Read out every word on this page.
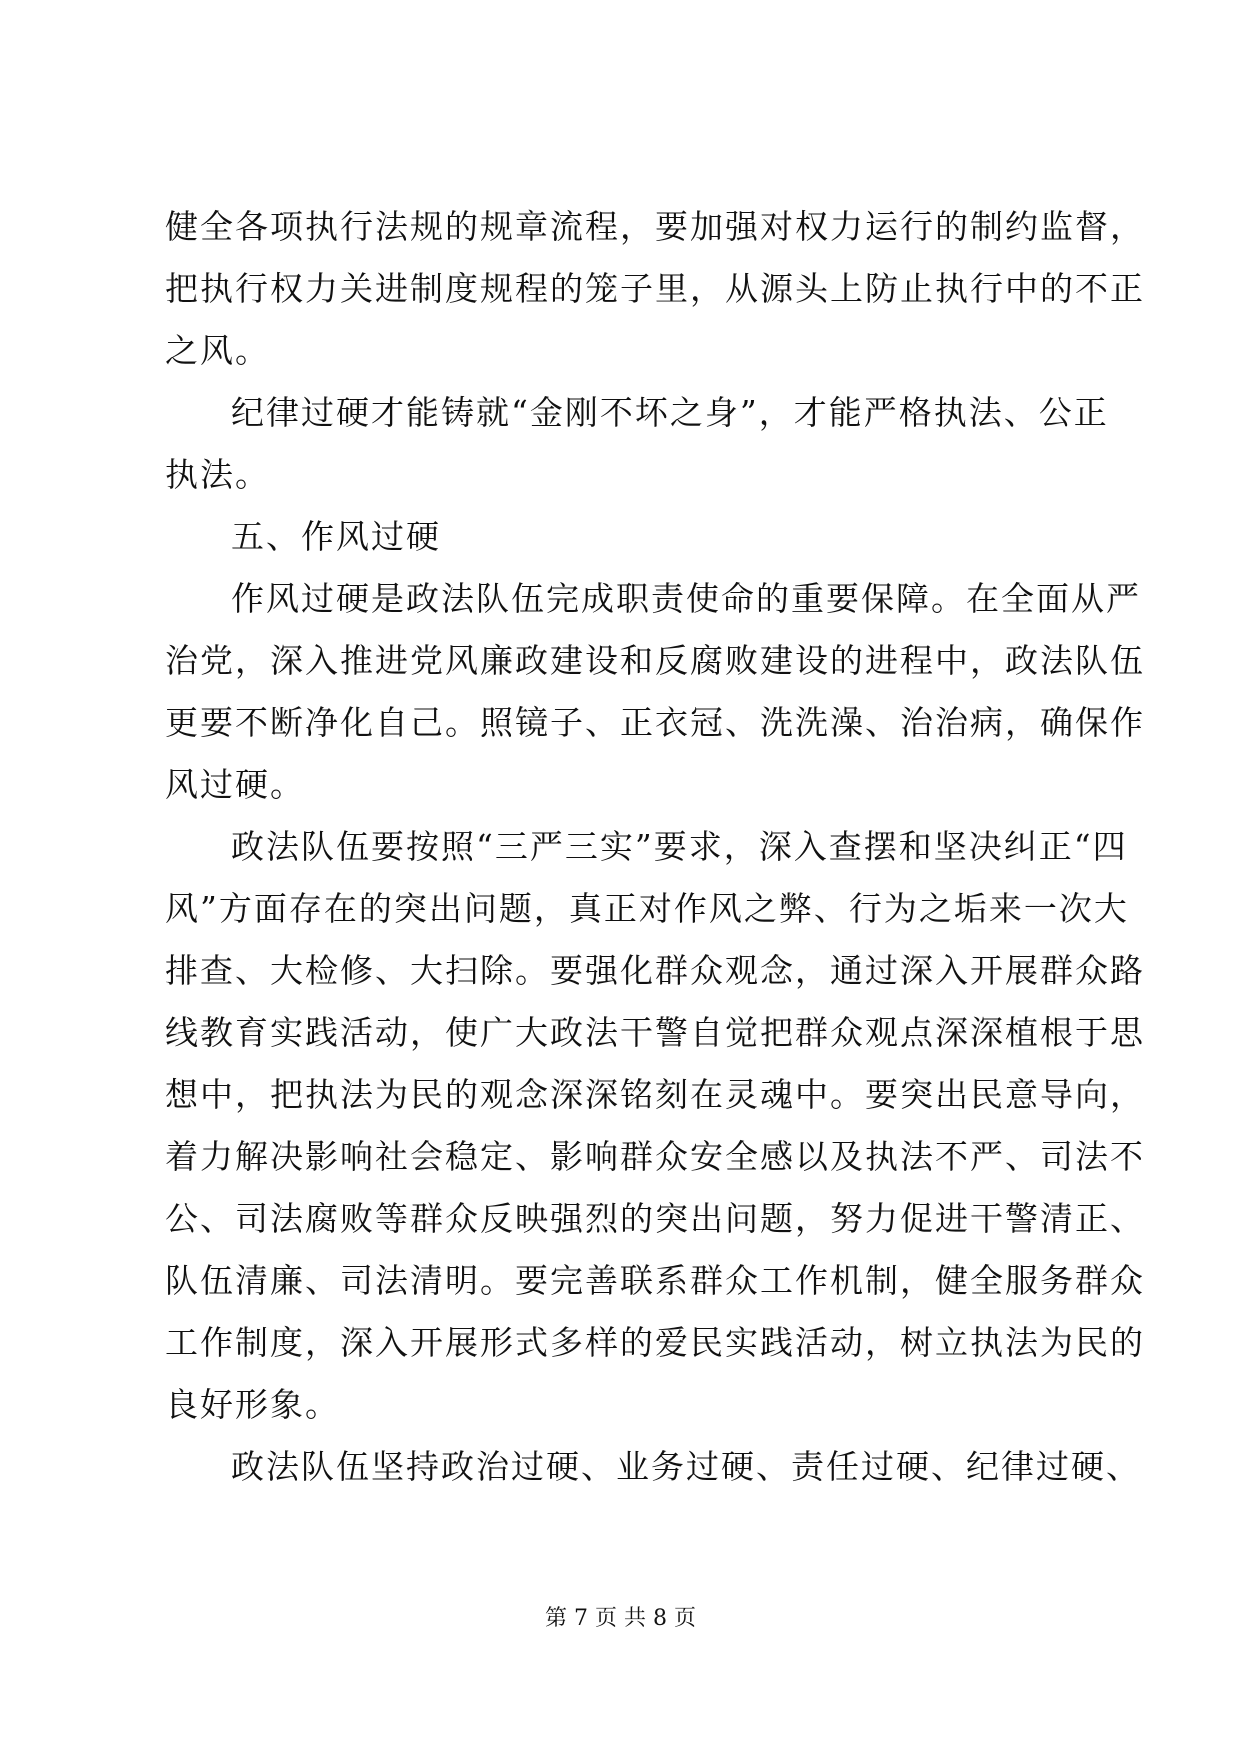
健全各项执行法规的规章流程，要加强对权力运行的制约监督，
把执行权力关进制度规程的笼子里，从源头上防止执行中的不正
之风。
纪律过硬才能铸就“金刚不坏之身”，才能严格执法、公正
执法。
五、作风过硬
作风过硬是政法队伍完成职责使命的重要保障。在全面从严
治党，深入推进党风廉政建设和反腐败建设的进程中，政法队伍
更要不断净化自己。照镜子、正衣冠、洗洗澡、治治病，确保作
风过硬。
政法队伍要按照“三严三实”要求，深入查摆和坚决纠正“四
风”方面存在的突出问题，真正对作风之弊、行为之垢来一次大
排查、大检修、大扫除。要强化群众观念，通过深入开展群众路
线教育实践活动，使广大政法干警自觉把群众观点深深植根于思
想中，把执法为民的观念深深铭刻在灵魂中。要突出民意导向，
着力解决影响社会稳定、影响群众安全感以及执法不严、司法不
公、司法腐败等群众反映强烈的突出问题，努力促进干警清正、
队伍清廉、司法清明。要完善联系群众工作机制，健全服务群众
工作制度，深入开展形式多样的爱民实践活动，树立执法为民的
良好形象。
政法队伍坚持政治过硬、业务过硬、责任过硬、纪律过硬、
第 7 页 共 8 页
